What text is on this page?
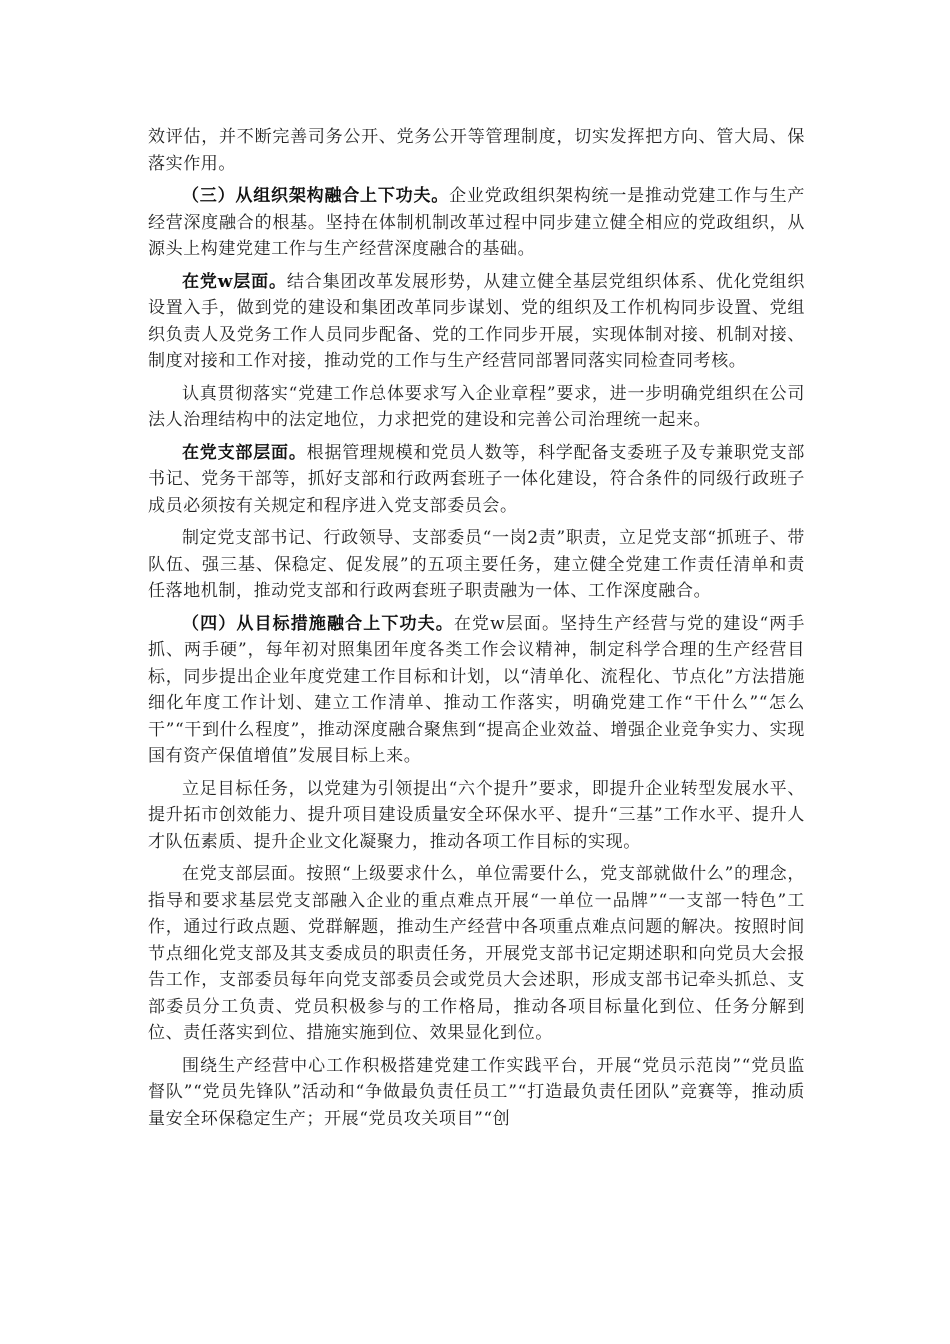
效评估，并不断完善司务公开、党务公开等管理制度，切实发挥把方向、管大局、保落实作用。

（三）从组织架构融合上下功夫。企业党政组织架构统一是推动党建工作与生产经营深度融合的根基。坚持在体制机制改革过程中同步建立健全相应的党政组织，从源头上构建党建工作与生产经营深度融合的基础。

在党w层面。结合集团改革发展形势，从建立健全基层党组织体系、优化党组织设置入手，做到党的建设和集团改革同步谋划、党的组织及工作机构同步设置、党组织负责人及党务工作人员同步配备、党的工作同步开展，实现体制对接、机制对接、制度对接和工作对接，推动党的工作与生产经营同部署同落实同检查同考核。

认真贯彻落实“党建工作总体要求写入企业章程”要求，进一步明确党组织在公司法人治理结构中的法定地位，力求把党的建设和完善公司治理统一起来。

在党支部层面。根据管理规模和党员人数等，科学配备支委班子及专兼职党支部书记、党务干部等，抓好支部和行政两套班子一体化建设，符合条件的同级行政班子成员必须按有关规定和程序进入党支部委员会。

制定党支部书记、行政领导、支部委员“一岗2责”职责，立足党支部“抓班子、带队伍、强三基、保稳定、促发展”的五项主要任务，建立健全党建工作责任清单和责任落地机制，推动党支部和行政两套班子职责融为一体、工作深度融合。

（四）从目标措施融合上下功夫。在党w层面。坚持生产经营与党的建设“两手抓、两手硬”，每年初对照集团年度各类工作会议精神，制定科学合理的生产经营目标，同步提出企业年度党建工作目标和计划，以“清单化、流程化、节点化”方法措施细化年度工作计划、建立工作清单、推动工作落实，明确党建工作“干什么”“怎么干”“干到什么程度”，推动深度融合聚焦到“提高企业效益、增强企业竞争实力、实现国有资产保值增值”发展目标上来。

立足目标任务，以党建为引领提出“六个提升”要求，即提升企业转型发展水平、提升拓市创效能力、提升项目建设质量安全环保水平、提升“三基”工作水平、提升人才队伍素质、提升企业文化凝聚力，推动各项工作目标的实现。

在党支部层面。按照“上级要求什么，单位需要什么，党支部就做什么”的理念，指导和要求基层党支部融入企业的重点难点开展“一单位一品牌”“一支部一特色”工作，通过行政点题、党群解题，推动生产经营中各项重点难点问题的解决。按照时间节点细化党支部及其支委成员的职责任务，开展党支部书记定期述职和向党员大会报告工作，支部委员每年向党支部委员会或党员大会述职，形成支部书记牵头抓总、支部委员分工负责、党员积极参与的工作格局，推动各项目标量化到位、任务分解到位、责任落实到位、措施实施到位、效果显化到位。

围绕生产经营中心工作积极搭建党建工作实践平台，开展“党员示范岗”“党员监督队”“党员先锋队”活动和“争做最负责任员工”“打造最负责任团队”竞赛等，推动质量安全环保稳定生产；开展“党员攻关项目”“创
